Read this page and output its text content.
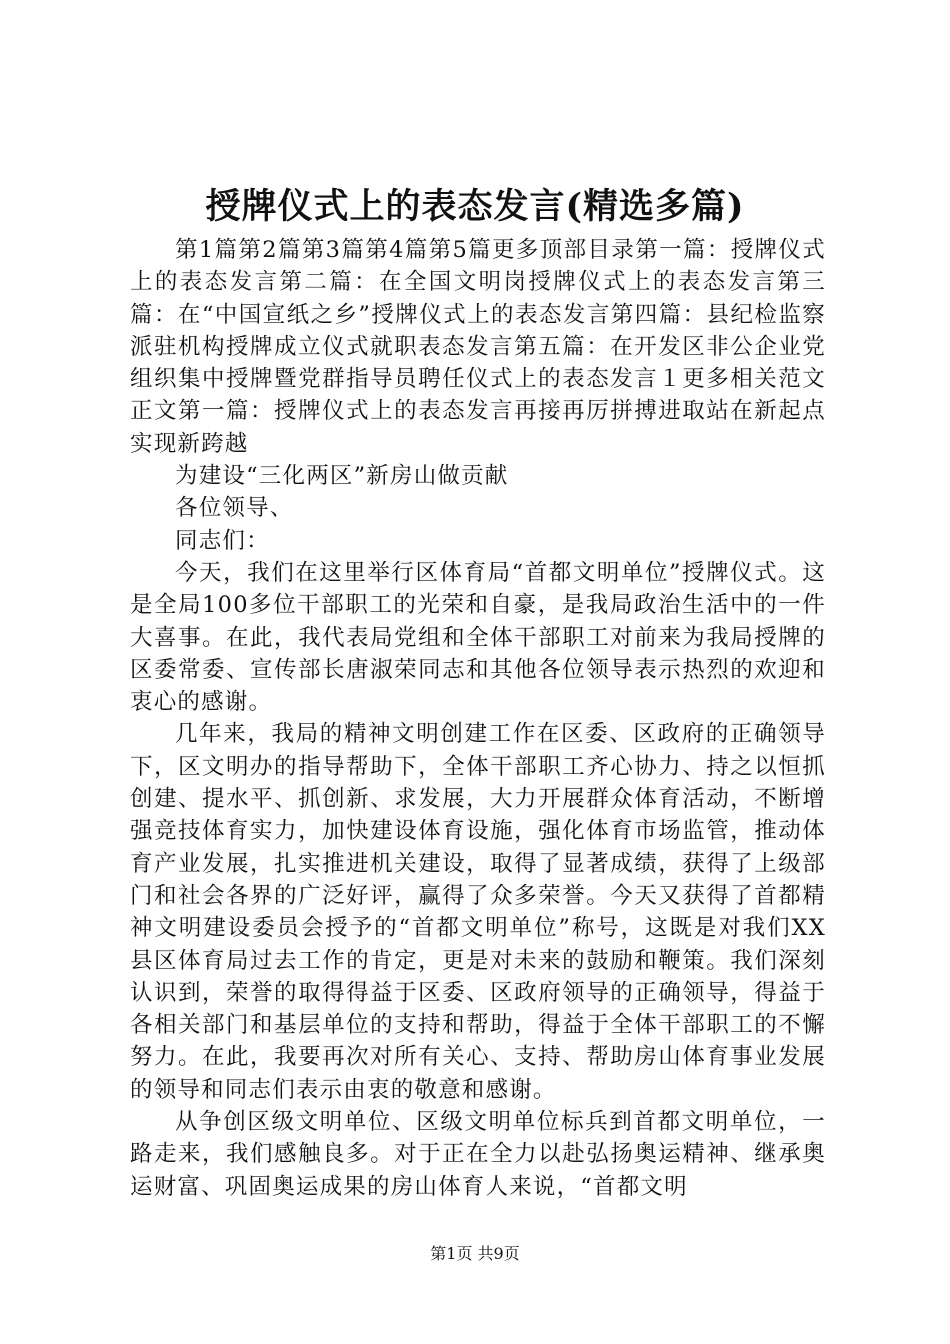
授牌仪式上的表态发言(精选多篇)

第1篇第2篇第3篇第4篇第5篇更多顶部目录第一篇：授牌仪式上的表态发言第二篇：在全国文明岗授牌仪式上的表态发言第三篇：在“中国宣纸之乡”授牌仪式上的表态发言第四篇：县纪检监察派驻机构授牌成立仪式就职表态发言第五篇：在开发区非公企业党组织集中授牌暨党群指导员聘任仪式上的表态发言１更多相关范文正文第一篇：授牌仪式上的表态发言再接再厉拼搏进取站在新起点实现新跨越

为建设“三化两区”新房山做贡献

各位领导、

同志们：

今天，我们在这里举行区体育局“首都文明单位”授牌仪式。这是全局100多位干部职工的光荣和自豪，是我局政治生活中的一件大喜事。在此，我代表局党组和全体干部职工对前来为我局授牌的区委常委、宣传部长唐淑荣同志和其他各位领导表示热烈的欢迎和衷心的感谢。

几年来，我局的精神文明创建工作在区委、区政府的正确领导下，区文明办的指导帮助下，全体干部职工齐心协力、持之以恒抓创建、提水平、抓创新、求发展，大力开展群众体育活动，不断增强竞技体育实力，加快建设体育设施，强化体育市场监管，推动体育产业发展，扎实推进机关建设，取得了显著成绩，获得了上级部门和社会各界的广泛好评，赢得了众多荣誉。今天又获得了首都精神文明建设委员会授予的“首都文明单位”称号，这既是对我们XX县区体育局过去工作的肯定，更是对未来的鼓励和鞭策。我们深刻认识到，荣誉的取得得益于区委、区政府领导的正确领导，得益于各相关部门和基层单位的支持和帮助，得益于全体干部职工的不懈努力。在此，我要再次对所有关心、支持、帮助房山体育事业发展的领导和同志们表示由衷的敬意和感谢。

从争创区级文明单位、区级文明单位标兵到首都文明单位，一路走来，我们感触良多。对于正在全力以赴弘扬奥运精神、继承奥运财富、巩固奥运成果的房山体育人来说，“首都文明

第1页 共9页
